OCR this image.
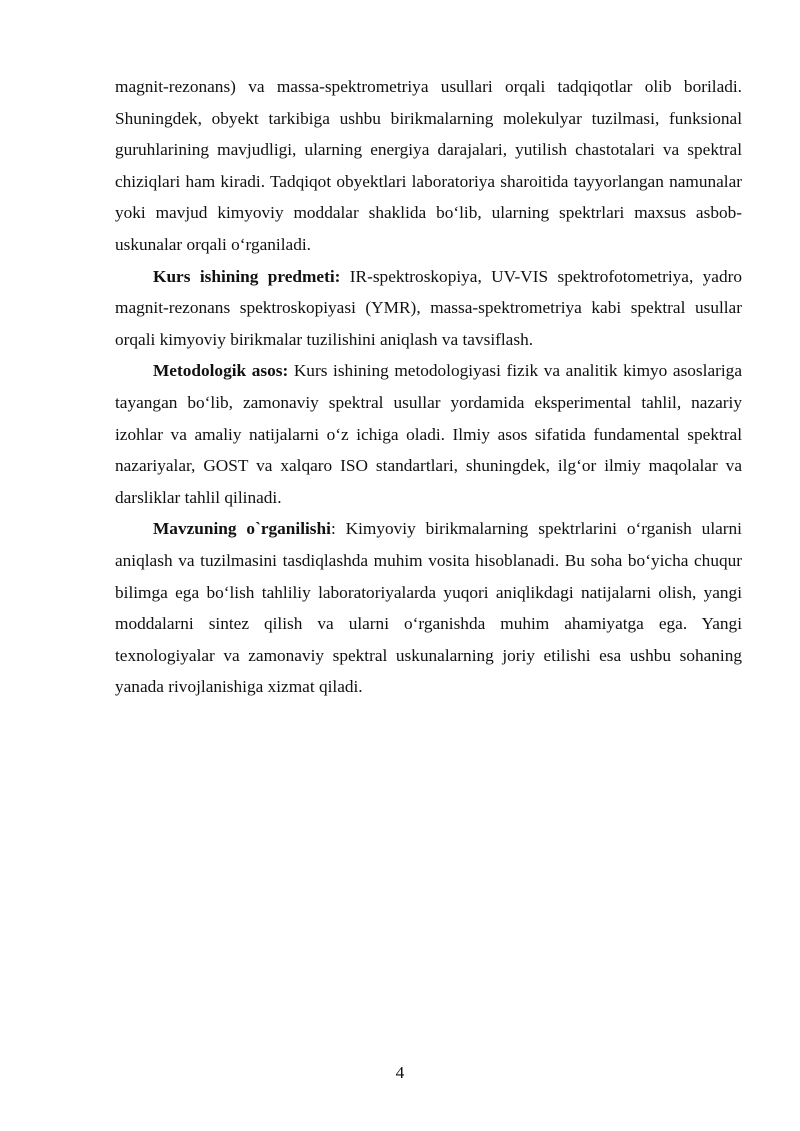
magnit-rezonans) va massa-spektrometriya usullari orqali tadqiqotlar olib boriladi. Shuningdek, obyekt tarkibiga ushbu birikmalarning molekulyar tuzilmasi, funksional guruhlarining mavjudligi, ularning energiya darajalari, yutilish chastotalari va spektral chiziqlari ham kiradi. Tadqiqot obyektlari laboratoriya sharoitida tayyorlangan namunalar yoki mavjud kimyoviy moddalar shaklida bo‘lib, ularning spektrlari maxsus asbob-uskunalar orqali o‘rganiladi.

Kurs ishining predmeti: IR-spektroskopiya, UV-VIS spektrofotometriya, yadro magnit-rezonans spektroskopiyasi (YMR), massa-spektrometriya kabi spektral usullar orqali kimyoviy birikmalar tuzilishini aniqlash va tavsiflash.

Metodologik asos: Kurs ishining metodologiyasi fizik va analitik kimyo asoslariga tayangan bo‘lib, zamonaviy spektral usullar yordamida eksperimental tahlil, nazariy izohlar va amaliy natijalarni o‘z ichiga oladi. Ilmiy asos sifatida fundamental spektral nazariyalar, GOST va xalqaro ISO standartlari, shuningdek, ilg‘or ilmiy maqolalar va darsliklar tahlil qilinadi.

Mavzuning o`rganilishi: Kimyoviy birikmalarning spektrlarini o‘rganish ularni aniqlash va tuzilmasini tasdiqlashda muhim vosita hisoblanadi. Bu soha bo‘yicha chuqur bilimga ega bo‘lish tahliliy laboratoriyalarda yuqori aniqlikdagi natijalarni olish, yangi moddalarni sintez qilish va ularni o‘rganishda muhim ahamiyatga ega. Yangi texnologiyalar va zamonaviy spektral uskunalarning joriy etilishi esa ushbu sohaning yanada rivojlanishiga xizmat qiladi.

4
